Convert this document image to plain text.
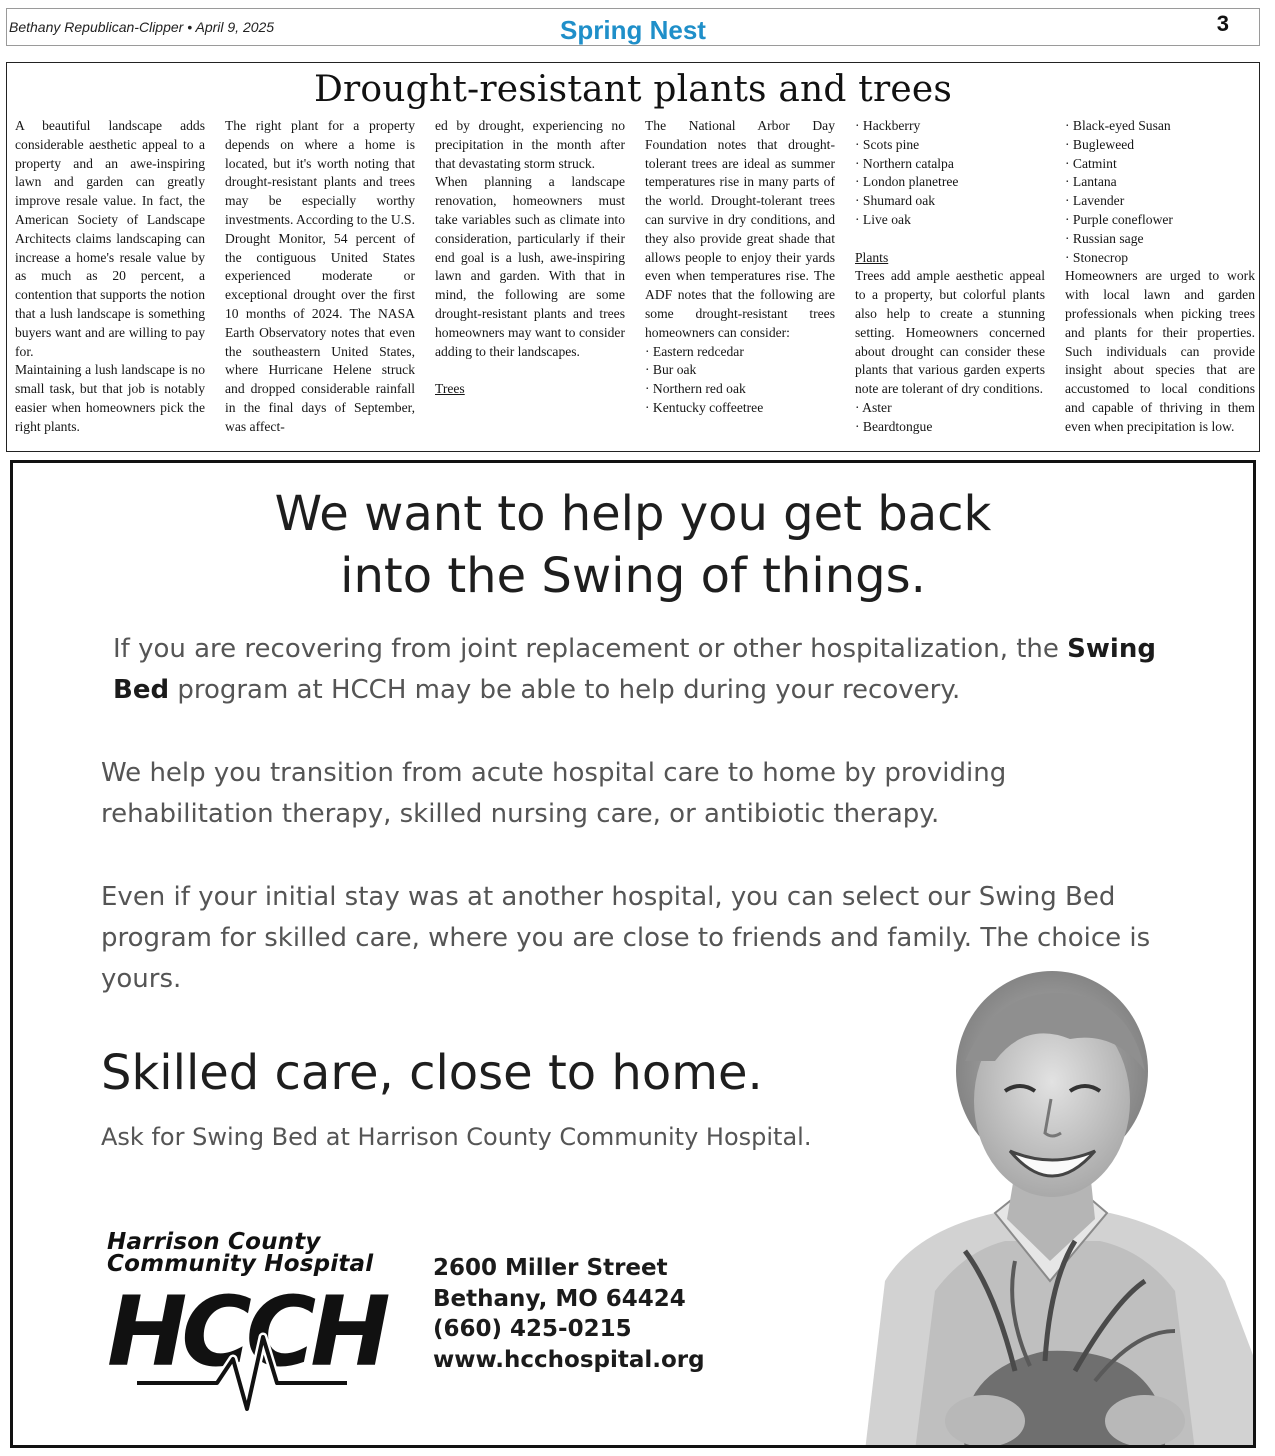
Bethany Republican-Clipper • April 9, 2025	Spring Nest	3
Drought-resistant plants and trees

A beautiful landscape adds considerable aesthetic appeal to a property and an awe-inspiring lawn and garden can greatly improve resale value. In fact, the American Society of Landscape Architects claims landscaping can increase a home's resale value by as much as 20 percent, a contention that supports the notion that a lush landscape is something buyers want and are willing to pay for.

Maintaining a lush landscape is no small task, but that job is notably easier when homeowners pick the right plants.

The right plant for a property depends on where a home is located, but it's worth noting that drought-resistant plants and trees may be especially worthy investments. According to the U.S. Drought Monitor, 54 percent of the contiguous United States experienced moderate or exceptional drought over the first 10 months of 2024. The NASA Earth Observatory notes that even the southeastern United States, where Hurricane Helene struck and dropped considerable rainfall in the final days of September, was affect-

ed by drought, experiencing no precipitation in the month after that devastating storm struck.

When planning a landscape renovation, homeowners must take variables such as climate into consideration, particularly if their end goal is a lush, awe-inspiring lawn and garden. With that in mind, the following are some drought-resistant plants and trees homeowners may want to consider adding to their landscapes.

Trees

The National Arbor Day Foundation notes that drought-tolerant trees are ideal as summer temperatures rise in many parts of the world. Drought-tolerant trees can survive in dry conditions, and they also provide great shade that allows people to enjoy their yards even when temperatures rise. The ADF notes that the following are some drought-resistant trees homeowners can consider:

· Eastern redcedar

· Bur oak

· Northern red oak

· Kentucky coffeetree

· Hackberry

· Scots pine

· Northern catalpa

· London planetree

· Shumard oak

· Live oak

Plants

Trees add ample aesthetic appeal to a property, but colorful plants also help to create a stunning setting. Homeowners concerned about drought can consider these plants that various garden experts note are tolerant of dry conditions.

· Aster

· Beardtongue

· Black-eyed Susan

· Bugleweed

· Catmint

· Lantana

· Lavender

· Purple coneflower

· Russian sage

· Stonecrop

Homeowners are urged to work with local lawn and garden professionals when picking trees and plants for their properties. Such individuals can provide insight about species that are accustomed to local conditions and capable of thriving in them even when precipitation is low.

We want to help you get back
into the Swing of things.
If you are recovering from joint replacement or other hospitalization, the Swing Bed program at HCCH may be able to help during your recovery.
We help you transition from acute hospital care to home by providing rehabilitation therapy, skilled nursing care, or antibiotic therapy.
Even if your initial stay was at another hospital, you can select our Swing Bed program for skilled care, where you are close to friends and family. The choice is yours.
Skilled care, close to home.
Ask for Swing Bed at Harrison County Community Hospital.
Harrison County
Community Hospital
HCCH
2600 Miller Street
Bethany, MO 64424
(660) 425-0215
www.hcchospital.org
